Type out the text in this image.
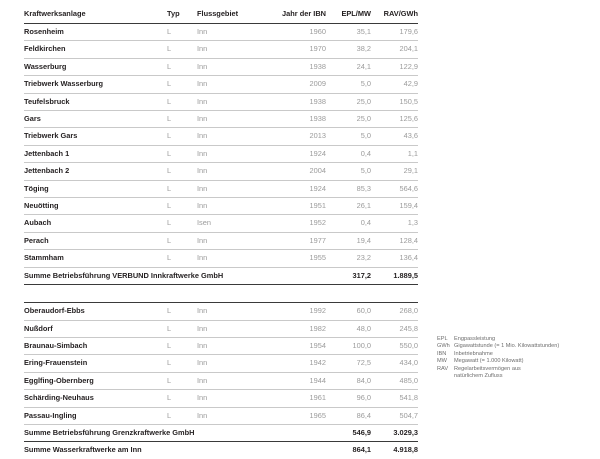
Kraftwerksanlage	Typ	Flussgebiet	Jahr der IBN	EPL/MW	RAV/GWh
Rosenheim	L	Inn	1960	35,1	179,6
Feldkirchen	L	Inn	1970	38,2	204,1
Wasserburg	L	Inn	1938	24,1	122,9
Triebwerk Wasserburg	L	Inn	2009	5,0	42,9
Teufelsbruck	L	Inn	1938	25,0	150,5
Gars	L	Inn	1938	25,0	125,6
Triebwerk Gars	L	Inn	2013	5,0	43,6
Jettenbach 1	L	Inn	1924	0,4	1,1
Jettenbach 2	L	Inn	2004	5,0	29,1
Töging	L	Inn	1924	85,3	564,6
Neuötting	L	Inn	1951	26,1	159,4
Aubach	L	Isen	1952	0,4	1,3
Perach	L	Inn	1977	19,4	128,4
Stammham	L	Inn	1955	23,2	136,4
Summe Betriebsführung VERBUND Innkraftwerke GmbH				317,2	1.889,5

Oberaudorf-Ebbs	L	Inn	1992	60,0	268,0
Nußdorf	L	Inn	1982	48,0	245,8
Braunau-Simbach	L	Inn	1954	100,0	550,0
Ering-Frauenstein	L	Inn	1942	72,5	434,0
Egglfing-Obernberg	L	Inn	1944	84,0	485,0
Schärding-Neuhaus	L	Inn	1961	96,0	541,8
Passau-Ingling	L	Inn	1965	86,4	504,7
Summe Betriebsführung Grenzkraftwerke GmbH				546,9	3.029,3
Summe Wasserkraftwerke am Inn				864,1	4.918,8
EPL	Engpassleistung
GWh Gigawattstunde (= 1 Mio. Kilowattstunden)
IBN	Inbetriebnahme
MW	Megawatt (= 1.000 Kilowatt)
RAV	Regelarbeitsvermögen aus
natürlichem Zufluss
